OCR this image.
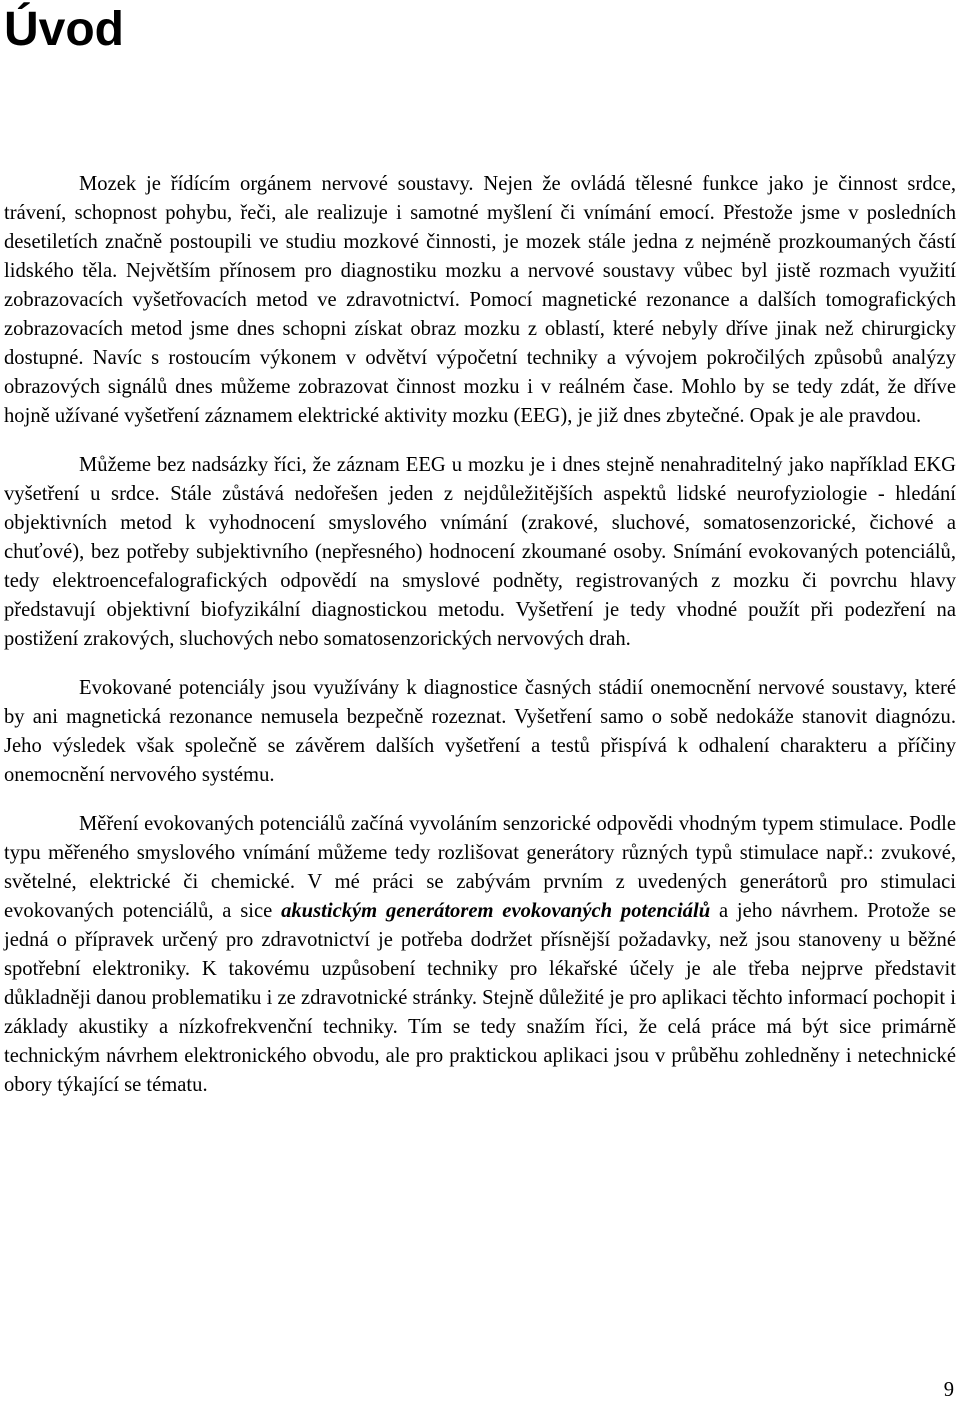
Úvod

Mozek je řídícím orgánem nervové soustavy. Nejen že ovládá tělesné funkce jako je činnost srdce, trávení, schopnost pohybu, řeči, ale realizuje i samotné myšlení či vnímání emocí. Přestože jsme v posledních desetiletích značně postoupili ve studiu mozkové činnosti, je mozek stále jedna z nejméně prozkoumaných částí lidského těla. Největším přínosem pro diagnostiku mozku a nervové soustavy vůbec byl jistě rozmach využití zobrazovacích vyšetřovacích metod ve zdravotnictví. Pomocí magnetické rezonance a dalších tomografických zobrazovacích metod jsme dnes schopni získat obraz mozku z oblastí, které nebyly dříve jinak než chirurgicky dostupné. Navíc s rostoucím výkonem v odvětví výpočetní techniky a vývojem pokročilých způsobů analýzy obrazových signálů dnes můžeme zobrazovat činnost mozku i v reálném čase. Mohlo by se tedy zdát, že dříve hojně užívané vyšetření záznamem elektrické aktivity mozku (EEG), je již dnes zbytečné. Opak je ale pravdou.

Můžeme bez nadsázky říci, že záznam EEG u mozku je i dnes stejně nenahraditelný jako například EKG vyšetření u srdce. Stále zůstává nedořešen jeden z nejdůležitějších aspektů lidské neurofyziologie - hledání objektivních metod k vyhodnocení smyslového vnímání (zrakové, sluchové, somatosenzorické, čichové a chuťové), bez potřeby subjektivního (nepřesného) hodnocení zkoumané osoby. Snímání evokovaných potenciálů, tedy elektroencefalografických odpovědí na smyslové podněty, registrovaných z mozku či povrchu hlavy představují objektivní biofyzikální diagnostickou metodu. Vyšetření je tedy vhodné použít při podezření na postižení zrakových, sluchových nebo somatosenzorických nervových drah.

Evokované potenciály jsou využívány k diagnostice časných stádií onemocnění nervové soustavy, které by ani magnetická rezonance nemusela bezpečně rozeznat. Vyšetření samo o sobě nedokáže stanovit diagnózu. Jeho výsledek však společně se závěrem dalších vyšetření a testů přispívá k odhalení charakteru a příčiny onemocnění nervového systému.

Měření evokovaných potenciálů začíná vyvoláním senzorické odpovědi vhodným typem stimulace. Podle typu měřeného smyslového vnímání můžeme tedy rozlišovat generátory různých typů stimulace např.: zvukové, světelné, elektrické či chemické. V mé práci se zabývám prvním z uvedených generátorů pro stimulaci evokovaných potenciálů, a sice akustickým generátorem evokovaných potenciálů a jeho návrhem. Protože se jedná o přípravek určený pro zdravotnictví je potřeba dodržet přísnější požadavky, než jsou stanoveny u běžné spotřební elektroniky. K takovému uzpůsobení techniky pro lékařské účely je ale třeba nejprve představit důkladněji danou problematiku i ze zdravotnické stránky. Stejně důležité je pro aplikaci těchto informací pochopit i základy akustiky a nízkofrekvenční techniky. Tím se tedy snažím říci, že celá práce má být sice primárně technickým návrhem elektronického obvodu, ale pro praktickou aplikaci jsou v průběhu zohledněny i netechnické obory týkající se tématu.

9
